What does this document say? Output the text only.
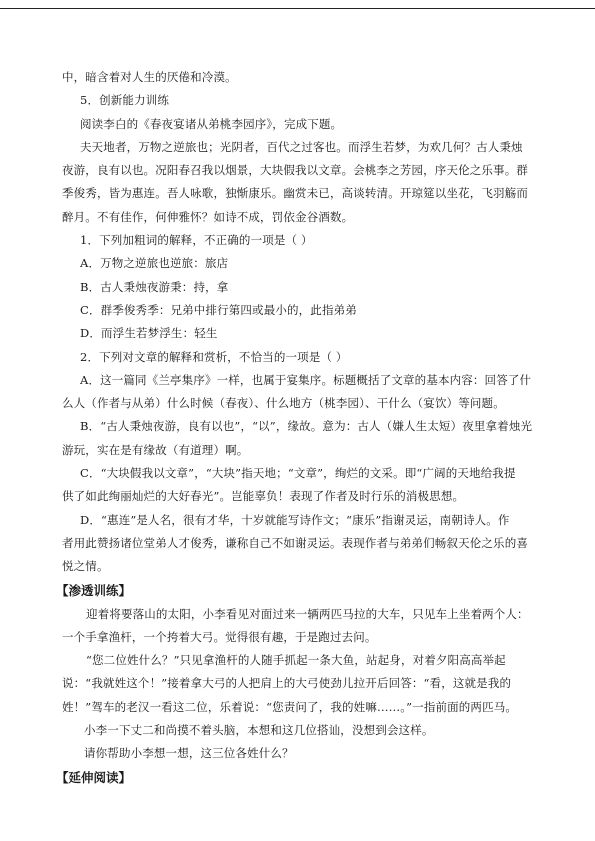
中，暗含着对人生的厌倦和冷漠。
5．创新能力训练
阅读李白的《春夜宴诸从弟桃李园序》，完成下题。
夫天地者，万物之逆旅也；光阴者，百代之过客也。而浮生若梦，为欢几何？古人秉烛
夜游，良有以也。况阳春召我以烟景，大块假我以文章。会桃李之芳园，序天伦之乐事。群
季俊秀，皆为惠连。吾人咏歌，独惭康乐。幽赏未已，高谈转清。开琼筵以坐花，飞羽觞而
醉月。不有佳作，何伸雅怀？如诗不成，罚依金谷酒数。
1．下列加粗词的解释，不正确的一项是（ ）
A．万物之逆旅也逆旅：旅店
B．古人秉烛夜游秉：持，拿
C．群季俊秀季：兄弟中排行第四或最小的，此指弟弟
D．而浮生若梦浮生：轻生
2．下列对文章的解释和赏析，不恰当的一项是（ ）
A．这一篇同《兰亭集序》一样，也属于宴集序。标题概括了文章的基本内容：回答了什
么人（作者与从弟）什么时候（春夜）、什么地方（桃李园）、干什么（宴饮）等问题。
B．“古人秉烛夜游，良有以也”，“以”，缘故。意为：古人（嫌人生太短）夜里拿着烛光
游玩，实在是有缘故（有道理）啊。
C．“大块假我以文章”，“大块”指天地；“文章”，绚烂的文采。即“广阔的天地给我提
供了如此绚丽灿烂的大好春光”。岂能辜负！表现了作者及时行乐的消极思想。
D．“惠连”是人名，很有才华，十岁就能写诗作文；“康乐”指谢灵运，南朝诗人。作
者用此赞扬诸位堂弟人才俊秀，谦称自己不如谢灵运。表现作者与弟弟们畅叙天伦之乐的喜
悦之情。
【渗透训练】
迎着将要落山的太阳，小李看见对面过来一辆两匹马拉的大车，只见车上坐着两个人：
一个手拿渔杆，一个挎着大弓。觉得很有趣，于是跑过去问。
“您二位姓什么？”只见拿渔杆的人随手抓起一条大鱼，站起身，对着夕阳高高举起
说：“我就姓这个！”接着拿大弓的人把肩上的大弓使劲儿拉开后回答：“看，这就是我的
姓！”驾车的老汉一看这二位，乐着说：“您责问了，我的姓嘛……。”一指前面的两匹马。
小李一下丈二和尚摸不着头脑，本想和这几位搭讪，没想到会这样。
请你帮助小李想一想，这三位各姓什么？
【延伸阅读】
